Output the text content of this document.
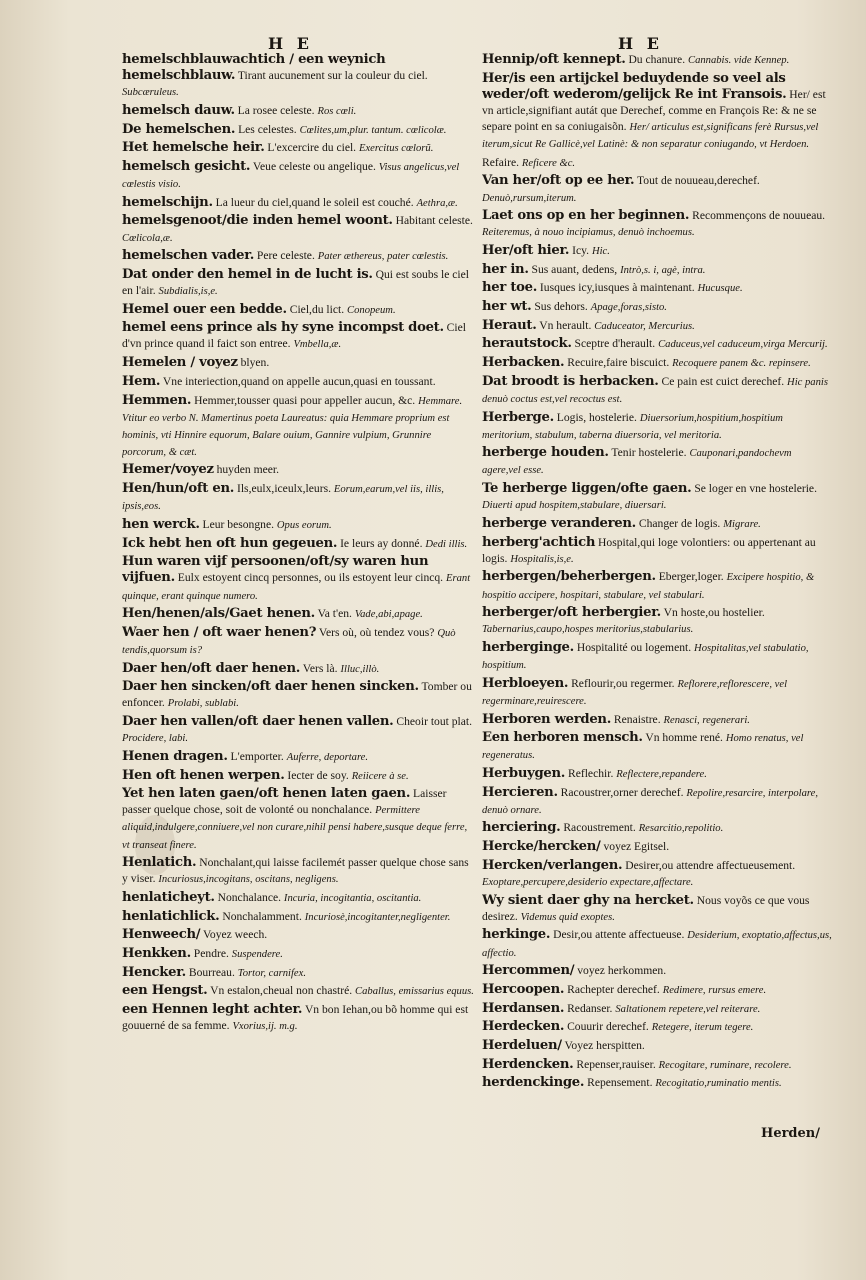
H E	H E

hemelschblauwachtich / een weynich hemelschblauw. Tirant aucunement sur la couleur du ciel. Subcæruleus.

hemelsch dauw. La rosee celeste. Ros cœli.

De hemelschen. Les celestes. Cœlites,um,plur. tantum. cœlicolæ.

Het hemelsche heir. L'excercire du ciel. Exercitus cœlorũ.

hemelsch gesicht. Veue celeste ou angelique. Visus angelicus,vel cœlestis visio.

hemelschijn. La lueur du ciel,quand le soleil est couché. Aethra,æ.

hemelsgenoot/die inden hemel woont. Habitant celeste. Cœlicola,æ.

hemelschen vader. Pere celeste. Pater æthereus, pater cœlestis.

Dat onder den hemel in de lucht is. Qui est soubs le ciel en l'air. Subdialis,is,e.

Hemel ouer een bedde. Ciel,du lict. Conopeum.

hemel eens prince als hy syne incompst doet. Ciel d'vn prince quand il faict son entree. Vmbella,æ.

Hemelen / voyez blyen.

Hem. Vne interiection,quand on appelle aucun,quasi en toussant.

Hemmen. Hemmer,tousser quasi pour appeller aucun, &c. Hemmare. Vtitur eo verbo N. Mamertinus poeta Laureatus: quia Hemmare proprium est hominis, vti Hinnire equorum, Balare ouium, Gannire vulpium, Grunnire porcorum, & cæt.

Hemer/voyez huyden meer.

Hen/hun/oft en. Ils,eulx,iceulx,leurs. Eorum,earum,vel iis, illis, ipsis,eos.

hen werck. Leur besongne. Opus eorum.

Ick hebt hen oft hun gegeuen. Ie leurs ay donné. Dedi illis.

Hun waren vijf persoonen/oft/sy waren hun vijfuen. Eulx estoyent cincq personnes, ou ils estoyent leur cincq. Erant quinque, erant quinque numero.

Hen/henen/als/Gaet henen. Va t'en. Vade,abi,apage.

Waer hen / oft waer henen? Vers où, où tendez vous? Quò tendis,quorsum is?

Daer hen/oft daer henen. Vers là. Illuc,illò.

Daer hen sincken/oft daer henen sincken. Tomber ou enfoncer. Prolabi, sublabi.

Daer hen vallen/oft daer henen vallen. Cheoir tout plat. Procidere, labi.

Henen dragen. L'emporter. Auferre, deportare.

Hen oft henen werpen. Iecter de soy. Reiicere à se.

Yet hen laten gaen/oft henen laten gaen. Laisser passer quelque chose, soit de volonté ou nonchalance. Permittere aliquid,indulgere,conniuere,vel non curare,nihil pensi habere,susque deque ferre, vt transeat finere.

Henlatich. Nonchalant,qui laisse facilemét passer quelque chose sans y viser. Incuriosus,incogitans, oscitans, negligens.

henlaticheyt. Nonchalance. Incuria, incogitantia, oscitantia.

henlatichlick. Nonchalamment. Incuriosè,incogitanter,negligenter.

Henweech/ Voyez weech.

Henkken. Pendre. Suspendere.

Hencker. Bourreau. Tortor, carnifex.

een Hengst. Vn estalon,cheual non chastré. Caballus, emissarius equus.

een Hennen leght achter. Vn bon Iehan,ou bõ homme qui est gouuerné de sa femme. Vxorius,ij. m.g.

Hennip/oft kennept. Du chanure. Cannabis. vide Kennep.

Her/is een artijckel beduydende so veel als weder/oft wederom/gelijck Re int Fransois. Her/ est vn article,signifiant autát que Derechef, comme en François Re: & ne se separe point en sa coniugaisõn. Her/ articulus est,significans ferè Rursus,vel iterum,sicut Re Gallicè,vel Latinè: & non separatur coniugando, vt Herdoen.

Refaire. Reficere &c.

Van her/oft op ee her. Tout de nouueau,derechef. Denuò,rursum,iterum.

Laet ons op en her beginnen. Recommençons de nouueau. Reiteremus, à nouo incipiamus, denuò inchoemus.

Her/oft hier. Icy. Hic.

her in. Sus auant, dedens, Intrò,s. i, agè, intra.

her toe. Iusques icy,iusques à maintenant. Hucusque.

her wt. Sus dehors. Apage,foras,sisto.

Heraut. Vn herault. Caduceator, Mercurius.

herautstock. Sceptre d'herault. Caduceus,vel caduceum,virga Mercurij.

Herbacken. Recuire,faire biscuict. Recoquere panem &c. repinsere.

Dat broodt is herbacken. Ce pain est cuict derechef. Hic panis denuò coctus est,vel recoctus est.

Herberge. Logis, hostelerie. Diuersorium,hospitium,hospitium meritorium, stabulum, taberna diuersoria, vel meritoria.

herberge houden. Tenir hostelerie. Cauponari,pandochevm agere,vel esse.

Te herberge liggen/ofte gaen. Se loger en vne hostelerie. Diuerti apud hospitem,stabulare, diuersari.

herberge veranderen. Changer de logis. Migrare.

herberg'achtich Hospital,qui loge volontiers: ou appertenant au logis. Hospitalis,is,e.

herbergen/beherbergen. Eberger,loger. Excipere hospitio, & hospitio accipere, hospitari, stabulare, vel stabulari.

herberger/oft herbergier. Vn hoste,ou hostelier. Tabernarius,caupo,hospes meritorius,stabularius.

herberginge. Hospitalité ou logement. Hospitalitas,vel stabulatio, hospitium.

Herbloeyen. Reflourir,ou regermer. Reflorere,reflorescere, vel regerminare,reuirescere.

Herboren werden. Renaistre. Renasci, regenerari.

Een herboren mensch. Vn homme rené. Homo renatus, vel regeneratus.

Herbuygen. Reflechir. Reflectere,repandere.

Hercieren. Racoustrer,orner derechef. Repolire,resarcire, interpolare, denuò ornare.

herciering. Racoustrement. Resarcitio,repolitio.

Hercke/hercken/ voyez Egitsel.

Hercken/verlangen. Desirer,ou attendre affectueusement. Exoptare,percupere,desiderio expectare,affectare.

Wy sient daer ghy na hercket. Nous voyõs ce que vous desirez. Videmus quid exoptes.

herkinge. Desir,ou attente affectueuse. Desiderium, exoptatio,affectus,us, affectio.

Hercommen/ voyez herkommen.

Hercoopen. Rachepter derechef. Redimere, rursus emere.

Herdansen. Redanser. Saltationem repetere,vel reiterare.

Herdecken. Couurir derechef. Retegere, iterum tegere.

Herdeluen/ Voyez herspitten.

Herdencken. Repenser,rauiser. Recogitare, ruminare, recolere.

herdenckinge. Repensement. Recogitatio,ruminatio mentis.

Herden/
